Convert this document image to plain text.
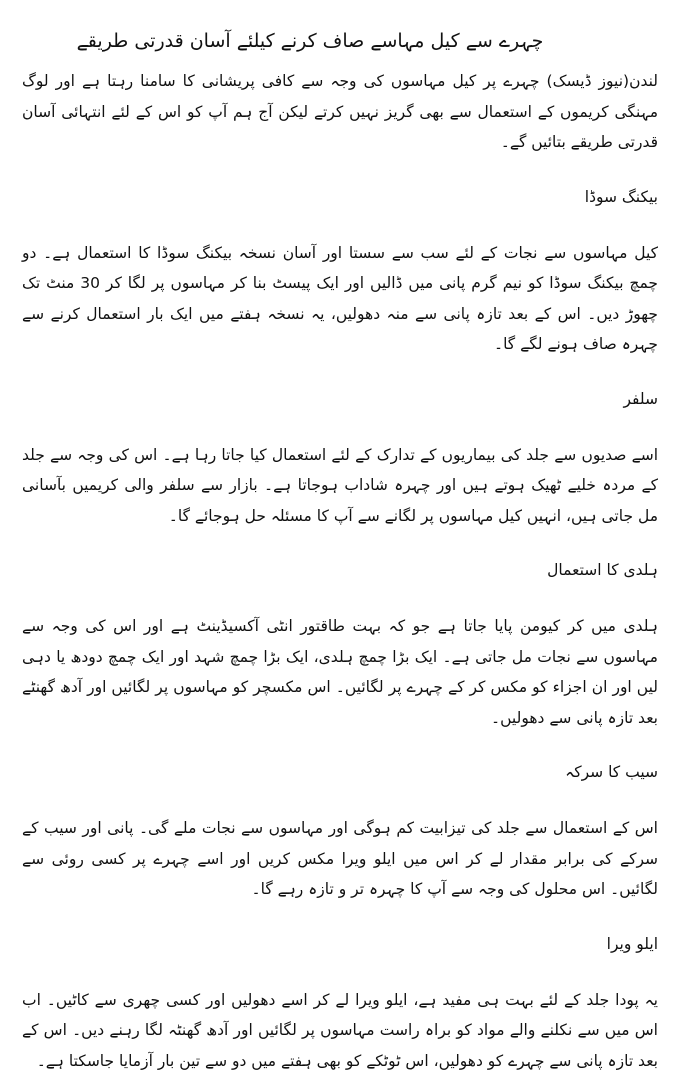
چہرے سے کیل مہاسے صاف کرنے کیلئے آسان قدرتی طریقے

لندن(نیوز ڈیسک) چہرے پر کیل مہاسوں کی وجہ سے کافی پریشانی کا سامنا رہتا ہے اور لوگ مہنگی کریموں کے استعمال سے بھی گریز نہیں کرتے لیکن آج ہم آپ کو اس کے لئے انتہائی آسان قدرتی طریقے بتائیں گے۔

بیکنگ سوڈا

کیل مہاسوں سے نجات کے لئے سب سے سستا اور آسان نسخہ بیکنگ سوڈا کا استعمال ہے۔ دو چمچ بیکنگ سوڈا کو نیم گرم پانی میں ڈالیں اور ایک پیسٹ بنا کر مہاسوں پر لگا کر 30 منٹ تک چھوڑ دیں۔ اس کے بعد تازہ پانی سے منہ دھولیں، یہ نسخہ ہفتے میں ایک بار استعمال کرنے سے چہرہ صاف ہونے لگے گا۔

سلفر

اسے صدیوں سے جلد کی بیماریوں کے تدارک کے لئے استعمال کیا جاتا رہا ہے۔ اس کی وجہ سے جلد کے مردہ خلیے ٹھیک ہوتے ہیں اور چہرہ شاداب ہوجاتا ہے۔ بازار سے سلفر والی کریمیں بآسانی مل جاتی ہیں، انہیں کیل مہاسوں پر لگانے سے آپ کا مسئلہ حل ہوجائے گا۔

ہلدی کا استعمال

ہلدی میں کر کیومن پایا جاتا ہے جو کہ بہت طاقتور انٹی آکسیڈینٹ ہے اور اس کی وجہ سے مہاسوں سے نجات مل جاتی ہے۔ ایک بڑا چمچ ہلدی، ایک بڑا چمچ شہد اور ایک چمچ دودھ یا دہی لیں اور ان اجزاء کو مکس کر کے چہرے پر لگائیں۔ اس مکسچر کو مہاسوں پر لگائیں اور آدھ گھنٹے بعد تازہ پانی سے دھولیں۔

سیب کا سرکہ

اس کے استعمال سے جلد کی تیزابیت کم ہوگی اور مہاسوں سے نجات ملے گی۔ پانی اور سیب کے سرکے کی برابر مقدار لے کر اس میں ایلو ویرا مکس کریں اور اسے چہرے پر کسی روئی سے لگائیں۔ اس محلول کی وجہ سے آپ کا چہرہ تر و تازہ رہے گا۔

ایلو ویرا

یہ پودا جلد کے لئے بہت ہی مفید ہے، ایلو ویرا لے کر اسے دھولیں اور کسی چھری سے کاٹیں۔ اب اس میں سے نکلنے والے مواد کو براہ راست مہاسوں پر لگائیں اور آدھ گھنٹہ لگا رہنے دیں۔ اس کے بعد تازہ پانی سے چہرے کو دھولیں، اس ٹوٹکے کو بھی ہفتے میں دو سے تین بار آزمایا جاسکتا ہے۔
